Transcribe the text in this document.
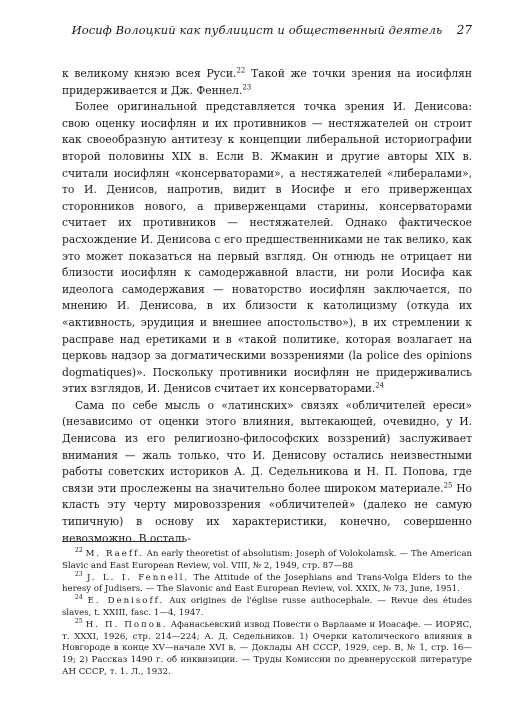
Иосиф Волоцкий как публицист и общественный деятель	27

к великому княэю всея Руси.$^{22}$ Такой же точки зрения на иосифлян придерживается и Дж. Феннел.$^{23}$

Более оригинальной представляется точка зрения И. Денисова: свою оценку иосифлян и их противников — нестяжателей он строит как своеобразную антитезу к концепции либеральной историографии второй половины XIX в. Если В. Жмакин и другие авторы XIX в. считали иосифлян «консерваторами», а нестяжателей «либералами», то И. Денисов, напротив, видит в Иосифе и его приверженцах сторонников нового, а приверженцами старины, консерваторами считает их противников — нестяжателей. Однако фактическое расхождение И. Денисова с его предшественниками не так велико, как это может показаться на первый взгляд. Он отнюдь не отрицает ни близости иосифлян к самодержавной власти, ни роли Иосифа как идеолога самодержавия — новаторство иосифлян заключается, по мнению И. Денисова, в их близости к католицизму (откуда их «активность, эрудиция и внешнее апостольство»), в их стремлении к расправе над еретиками и в «такой политике, которая возлагает на церковь надзор за догматическими воззрениями (la police des opinions dogmatiques)». Поскольку противники иосифлян не придерживались этих взглядов, И. Денисов считает их консерваторами.$^{24}$

Сама по себе мысль о «латинских» связях «обличителей ереси» (независимо от оценки этого влияния, вытекающей, очевидно, у И. Денисова из его религиозно-философских воззрений) заслуживает внимания — жаль только, что И. Денисову остались неизвестными работы советских историков А. Д. Седельникова и Н. П. Попова, где связи эти прослежены на значительно более широком материале.$^{25}$ Но класть эту черту мировоззрения «обличителей» (далеко не самую типичную) в основу их характеристики, конечно, совершенно невозможно. В осталь-

$^{22}$ M. Raeff. An early theoretist of absolutism: Joseph of Volokolamsk. — The American Slavic and East European Review, vol. VIII, № 2, 1949, стр. 87—88

$^{23}$ J. L. I. Fennell. The Attitude of the Josephians and Trans-Volga Elders to the heresy of Judisers. — The Slavonic and East European Review, vol. XXIX, № 73, June, 1951.

$^{24}$ E. Denisoff. Aux origines de l'église russe authocephale. — Revue des études slaves, t. XXIII, fasc. 1—4, 1947.

$^{25}$ Н. П. Попов. Афанасьевский извод Повести о Варлааме и Иоасафе. — ИОРЯС, т. XXXI, 1926, стр. 214—224; А. Д. Седельников. 1) Очерки католического влияния в Новгороде в конце XV—начале XVI в. — Доклады АН СССР, 1929, сер. В, № 1, стр. 16—19; 2) Рассказ 1490 г. об инквизиции. — Труды Комиссии по древнерусской литературе АН СССР, т. 1. Л., 1932.
